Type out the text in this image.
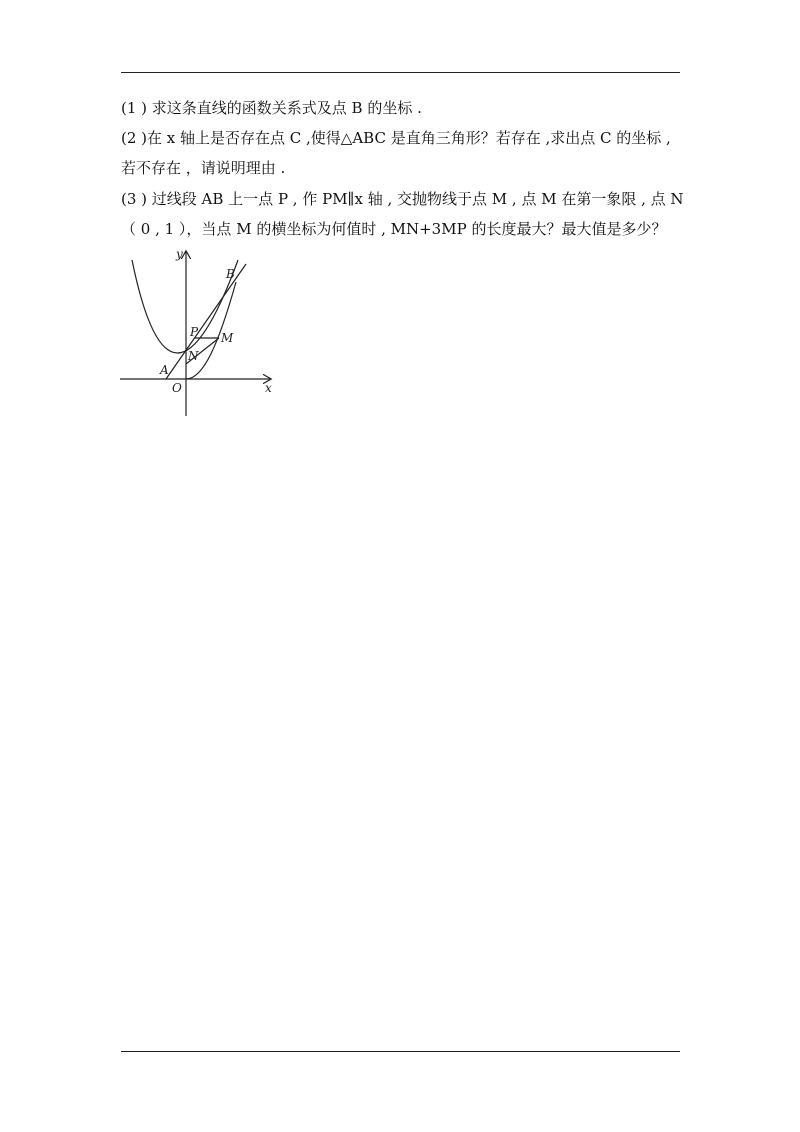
(1 ) 求这条直线的函数关系式及点 B 的坐标 .
(2 )在 x 轴上是否存在点 C ,使得△ABC 是直角三角形？若存在 ,求出点 C 的坐标 ,
若不存在 ，请说明理由 .
(3 ) 过线段 AB 上一点 P , 作 PM∥x 轴 , 交抛物线于点 M , 点 M 在第一象限 , 点 N
（ 0 , 1 ），当点 M 的横坐标为何值时 , MN+3MP 的长度最大？最大值是多少？
y
x
O
A
B
P M
N
